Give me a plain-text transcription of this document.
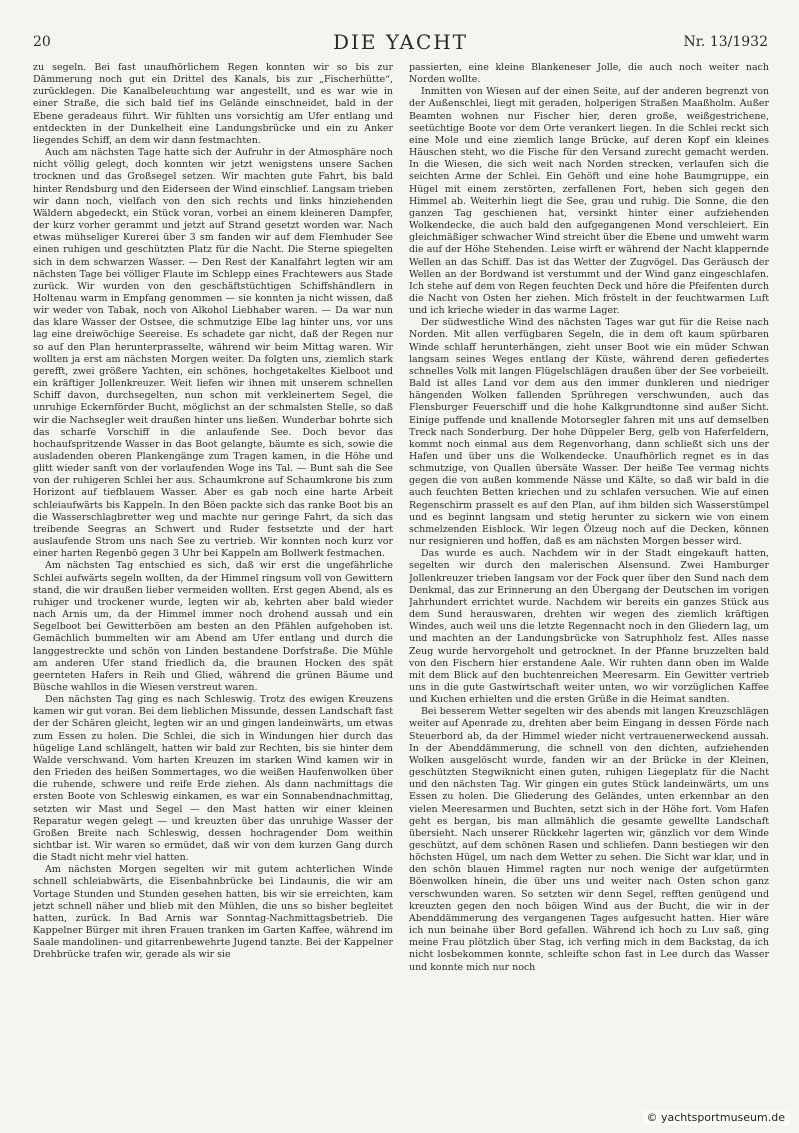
20	DIE YACHT	Nr. 13/1932

zu segeln. Bei fast unaufhörlichem Regen konnten wir so bis zur Dämmerung noch gut ein Drittel des Kanals, bis zur „Fischerhütte“, zurücklegen. Die Kanalbeleuchtung war angestellt, und es war wie in einer Straße, die sich bald tief ins Gelände einschneidet, bald in der Ebene geradeaus führt. Wir fühlten uns vorsichtig am Ufer entlang und entdeckten in der Dunkelheit eine Landungsbrücke und ein zu Anker liegendes Schiff, an dem wir dann festmachten.

Auch am nächsten Tage hatte sich der Aufruhr in der Atmosphäre noch nicht völlig gelegt, doch konnten wir jetzt wenigstens unsere Sachen trocknen und das Großsegel setzen. Wir machten gute Fahrt, bis bald hinter Rendsburg und den Eiderseen der Wind einschlief. Langsam trieben wir dann noch, vielfach von den sich rechts und links hinziehenden Wäldern abgedeckt, ein Stück voran, vorbei an einem kleineren Dampfer, der kurz vorher gerammt und jetzt auf Strand gesetzt worden war. Nach etwas mühseliger Kurerei über 3 sm fanden wir auf dem Flemhuder See einen ruhigen und geschützten Platz für die Nacht. Die Sterne spiegelten sich in dem schwarzen Wasser. — Den Rest der Kanalfahrt legten wir am nächsten Tage bei völliger Flaute im Schlepp eines Frachtewers aus Stade zurück. Wir wurden von den geschäftstüchtigen Schiffshändlern in Holtenau warm in Empfang genommen — sie konnten ja nicht wissen, daß wir weder von Tabak, noch von Alkohol Liebhaber waren. — Da war nun das klare Wasser der Ostsee, die schmutzige Elbe lag hinter uns, vor uns lag eine dreiwöchige Seereise. Es schadete gar nicht, daß der Regen nur so auf den Plan herunterprasselte, während wir beim Mittag waren. Wir wollten ja erst am nächsten Morgen weiter. Da folgten uns, ziemlich stark gerefft, zwei größere Yachten, ein schönes, hochgetakeltes Kielboot und ein kräftiger Jollenkreuzer. Weit liefen wir ihnen mit unserem schnellen Schiff davon, durchsegelten, nun schon mit verkleinertem Segel, die unruhige Eckernförder Bucht, möglichst an der schmalsten Stelle, so daß wir die Nachsegler weit draußen hinter uns ließen. Wunderbar bohrte sich das scharfe Vorschiff in die anlaufende See. Doch bevor das hochaufspritzende Wasser in das Boot gelangte, bäumte es sich, sowie die ausladenden oberen Plankengänge zum Tragen kamen, in die Höhe und glitt wieder sanft von der vorlaufenden Woge ins Tal. — Bunt sah die See von der ruhigeren Schlei her aus. Schaumkrone auf Schaumkrone bis zum Horizont auf tiefblauem Wasser. Aber es gab noch eine harte Arbeit schleiaufwärts bis Kappeln. In den Böen packte sich das ranke Boot bis an die Wasserschlagbretter weg und machte nur geringe Fahrt, da sich das treibende Seegras an Schwert und Ruder festsetzte und der hart auslaufende Strom uns nach See zu vertrieb. Wir konnten noch kurz vor einer harten Regenbö gegen 3 Uhr bei Kappeln am Bollwerk festmachen.

Am nächsten Tag entschied es sich, daß wir erst die ungefährliche Schlei aufwärts segeln wollten, da der Himmel ringsum voll von Gewittern stand, die wir draußen lieber vermeiden wollten. Erst gegen Abend, als es ruhiger und trockener wurde, legten wir ab, kehrten aber bald wieder nach Arnis um, da der Himmel immer noch drohend aussah und ein Segelboot bei Gewitterböen am besten an den Pfählen aufgehoben ist. Gemächlich bummelten wir am Abend am Ufer entlang und durch die langgestreckte und schön von Linden bestandene Dorfstraße. Die Mühle am anderen Ufer stand friedlich da, die braunen Hocken des spät geernteten Hafers in Reih und Glied, während die grünen Bäume und Büsche wahllos in die Wiesen verstreut waren.

Den nächsten Tag ging es nach Schleswig. Trotz des ewigen Kreuzens kamen wir gut voran. Bei dem lieblichen Missunde, dessen Landschaft fast der der Schären gleicht, legten wir an und gingen landeinwärts, um etwas zum Essen zu holen. Die Schlei, die sich in Windungen hier durch das hügelige Land schlängelt, hatten wir bald zur Rechten, bis sie hinter dem Walde verschwand. Vom harten Kreuzen im starken Wind kamen wir in den Frieden des heißen Sommertages, wo die weißen Haufenwolken über die ruhende, schwere und reife Erde ziehen. Als dann nachmittags die ersten Boote von Schleswig einkamen, es war ein Sonnabendnachmittag, setzten wir Mast und Segel — den Mast hatten wir einer kleinen Reparatur wegen gelegt — und kreuzten über das unruhige Wasser der Großen Breite nach Schleswig, dessen hochragender Dom weithin sichtbar ist. Wir waren so ermüdet, daß wir von dem kurzen Gang durch die Stadt nicht mehr viel hatten.

Am nächsten Morgen segelten wir mit gutem achterlichen Winde schnell schleiabwärts, die Eisenbahnbrücke bei Lindaunis, die wir am Vortage Stunden und Stunden gesehen hatten, bis wir sie erreichten, kam jetzt schnell näher und blieb mit den Mühlen, die uns so bisher begleitet hatten, zurück. In Bad Arnis war Sonntag-Nachmittagsbetrieb. Die Kappelner Bürger mit ihren Frauen tranken im Garten Kaffee, während im Saale mandolinen- und gitarrenbewehrte Jugend tanzte. Bei der Kappelner Drehbrücke trafen wir, gerade als wir sie

passierten, eine kleine Blankeneser Jolle, die auch noch weiter nach Norden wollte.

Inmitten von Wiesen auf der einen Seite, auf der anderen begrenzt von der Außenschlei, liegt mit geraden, holperigen Straßen Maaßholm. Außer Beamten wohnen nur Fischer hier, deren große, weißgestrichene, seetüchtige Boote vor dem Orte verankert liegen. In die Schlei reckt sich eine Mole und eine ziemlich lange Brücke, auf deren Kopf ein kleines Häuschen steht, wo die Fische für den Versand zurecht gemacht werden. In die Wiesen, die sich weit nach Norden strecken, verlaufen sich die seichten Arme der Schlei. Ein Gehöft und eine hohe Baumgruppe, ein Hügel mit einem zerstörten, zerfallenen Fort, heben sich gegen den Himmel ab. Weiterhin liegt die See, grau und ruhig. Die Sonne, die den ganzen Tag geschienen hat, versinkt hinter einer aufziehenden Wolkendecke, die auch bald den aufgegangenen Mond verschleiert. Ein gleichmäßiger schwacher Wind streicht über die Ebene und umweht warm die auf der Höhe Stehenden. Leise wirft er während der Nacht klappernde Wellen an das Schiff. Das ist das Wetter der Zugvögel. Das Geräusch der Wellen an der Bordwand ist verstummt und der Wind ganz eingeschlafen. Ich stehe auf dem von Regen feuchten Deck und höre die Pfeifenten durch die Nacht von Osten her ziehen. Mich fröstelt in der feuchtwarmen Luft und ich krieche wieder in das warme Lager.

Der südwestliche Wind des nächsten Tages war gut für die Reise nach Norden. Mit allen verfügbaren Segeln, die in dem oft kaum spürbaren Winde schlaff herunterhängen, zieht unser Boot wie ein müder Schwan langsam seines Weges entlang der Küste, während deren gefiedertes schnelles Volk mit langen Flügelschlägen draußen über der See vorbeieilt. Bald ist alles Land vor dem aus den immer dunkleren und niedriger hängenden Wolken fallenden Sprühregen verschwunden, auch das Flensburger Feuerschiff und die hohe Kalkgrundtonne sind außer Sicht. Einige puffende und knallende Motorsegler fahren mit uns auf demselben Treck nach Sonderburg. Der hohe Düppeler Berg, gelb von Haferfeldern, kommt noch einmal aus dem Regenvorhang, dann schließt sich uns der Hafen und über uns die Wolkendecke. Unaufhörlich regnet es in das schmutzige, von Quallen übersäte Wasser. Der heiße Tee vermag nichts gegen die von außen kommende Nässe und Kälte, so daß wir bald in die auch feuchten Betten kriechen und zu schlafen versuchen. Wie auf einen Regenschirm prasselt es auf den Plan, auf ihm bilden sich Wasserstümpel und es beginnt langsam und stetig herunter zu sickern wie von einem schmelzenden Eisblock. Wir legen Ölzeug noch auf die Decken, können nur resignieren und hoffen, daß es am nächsten Morgen besser wird.

Das wurde es auch. Nachdem wir in der Stadt eingekauft hatten, segelten wir durch den malerischen Alsensund. Zwei Hamburger Jollenkreuzer trieben langsam vor der Fock quer über den Sund nach dem Denkmal, das zur Erinnerung an den Übergang der Deutschen im vorigen Jahrhundert errichtet wurde. Nachdem wir bereits ein ganzes Stück aus dem Sund herauswaren, drehten wir wegen des ziemlich kräftigen Windes, auch weil uns die letzte Regennacht noch in den Gliedern lag, um und machten an der Landungsbrücke von Satruphholz fest. Alles nasse Zeug wurde hervorgeholt und getrocknet. In der Pfanne bruzzelten bald von den Fischern hier erstandene Aale. Wir ruhten dann oben im Walde mit dem Blick auf den buchtenreichen Meeresarm. Ein Gewitter vertrieb uns in die gute Gastwirtschaft weiter unten, wo wir vorzüglichen Kaffee und Kuchen erhielten und die ersten Grüße in die Heimat sandten.

Bei besserem Wetter segelten wir des abends mit langen Kreuzschlägen weiter auf Apenrade zu, drehten aber beim Eingang in dessen Förde nach Steuerbord ab, da der Himmel wieder nicht vertrauenerweckend aussah. In der Abenddämmerung, die schnell von den dichten, aufziehenden Wolken ausgelöscht wurde, fanden wir an der Brücke in der Kleinen, geschützten Stegwiknicht einen guten, ruhigen Liegeplatz für die Nacht und den nächsten Tag. Wir gingen ein gutes Stück landeinwärts, um uns Essen zu holen. Die Gliederung des Geländes, unten erkennbar an den vielen Meeresarmen und Buchten, setzt sich in der Höhe fort. Vom Hafen geht es bergan, bis man allmählich die gesamte gewellte Landschaft übersieht. Nach unserer Rückkehr lagerten wir, gänzlich vor dem Winde geschützt, auf dem schönen Rasen und schliefen. Dann bestiegen wir den höchsten Hügel, um nach dem Wetter zu sehen. Die Sicht war klar, und in den schön blauen Himmel ragten nur noch wenige der aufgetürmten Böenwolken hinein, die über uns und weiter nach Osten schon ganz verschwunden waren. So setzten wir denn Segel, refften genügend und kreuzten gegen den noch böigen Wind aus der Bucht, die wir in der Abenddämmerung des vergangenen Tages aufgesucht hatten. Hier wäre ich nun beinahe über Bord gefallen. Während ich hoch zu Luv saß, ging meine Frau plötzlich über Stag, ich verfing mich in dem Backstag, da ich nicht losbekommen konnte, schleifte schon fast in Lee durch das Wasser und konnte mich nur noch

© yachtsportmuseum.de
